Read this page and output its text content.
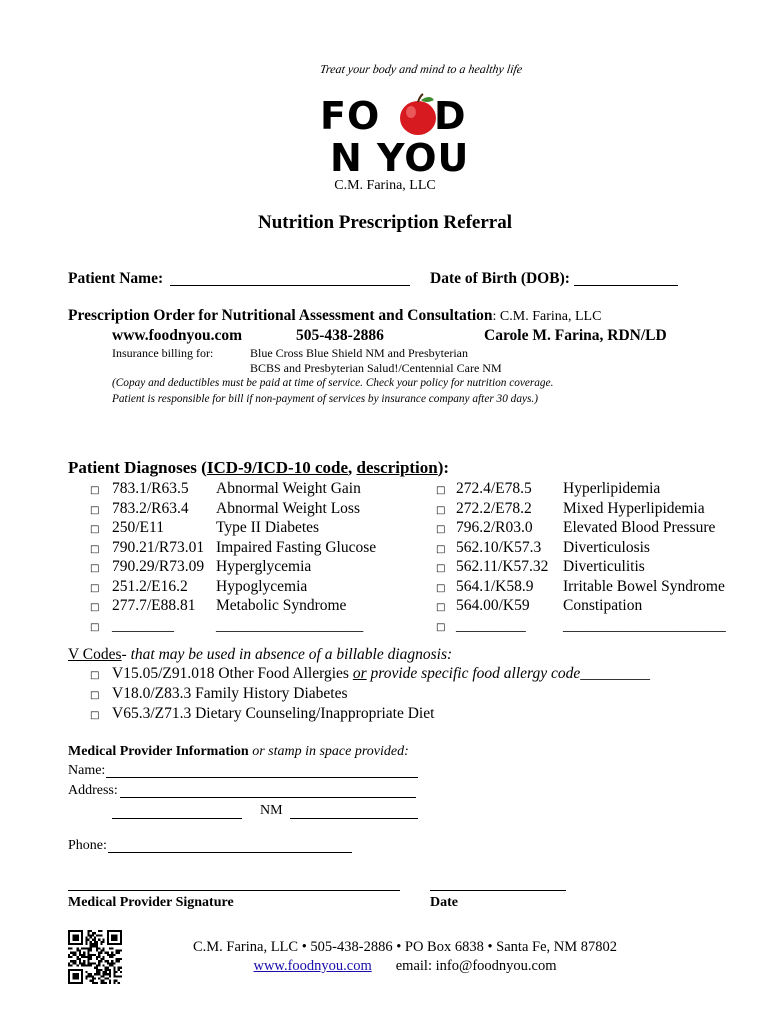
Treat your body and mind to a healthy life
FO D
N YOU
C.M. Farina, LLC
Nutrition Prescription Referral
Patient Name:	Date of Birth (DOB):
Prescription Order for Nutritional Assessment and Consultation: C.M. Farina, LLC
www.foodnyou.com	505-438-2886	Carole M. Farina, RDN/LD
Insurance billing for:	Blue Cross Blue Shield NM and Presbyterian
BCBS and Presbyterian Salud!/Centennial Care NM
(Copay and deductibles must be paid at time of service. Check your policy for nutrition coverage.
Patient is responsible for bill if non-payment of services by insurance company after 30 days.)
Patient Diagnoses (ICD-9/ICD-10 code, description):
□ 783.1/R63.5 Abnormal Weight Gain
□ 783.2/R63.4 Abnormal Weight Loss
□ 250/E11	Type II Diabetes
□ 790.21/R73.01 Impaired Fasting Glucose
□ 790.29/R73.09 Hyperglycemia
□ 251.2/E16.2 Hypoglycemia
□ 277.7/E88.81 Metabolic Syndrome
□ ________	___________________
□ 272.4/E78.5 Hyperlipidemia
□ 272.2/E78.2 Mixed Hyperlipidemia
□ 796.2/R03.0 Elevated Blood Pressure
□ 562.10/K57.3 Diverticulosis
□ 562.11/K57.32 Diverticulitis
□ 564.1/K58.9 Irritable Bowel Syndrome
□ 564.00/K59 Constipation
□ _________ _____________________
V Codes- that may be used in absence of a billable diagnosis:
□ V15.05/Z91.018 Other Food Allergies or provide specific food allergy code_________
□ V18.0/Z83.3 Family History Diabetes
□ V65.3/Z71.3 Dietary Counseling/Inappropriate Diet
Medical Provider Information or stamp in space provided:
Name:
Address:
NM
Phone:
Medical Provider Signature	Date
C.M. Farina, LLC • 505-438-2886 • PO Box 6838 • Santa Fe, NM 87802
www.foodnyou.com email: info@foodnyou.com
